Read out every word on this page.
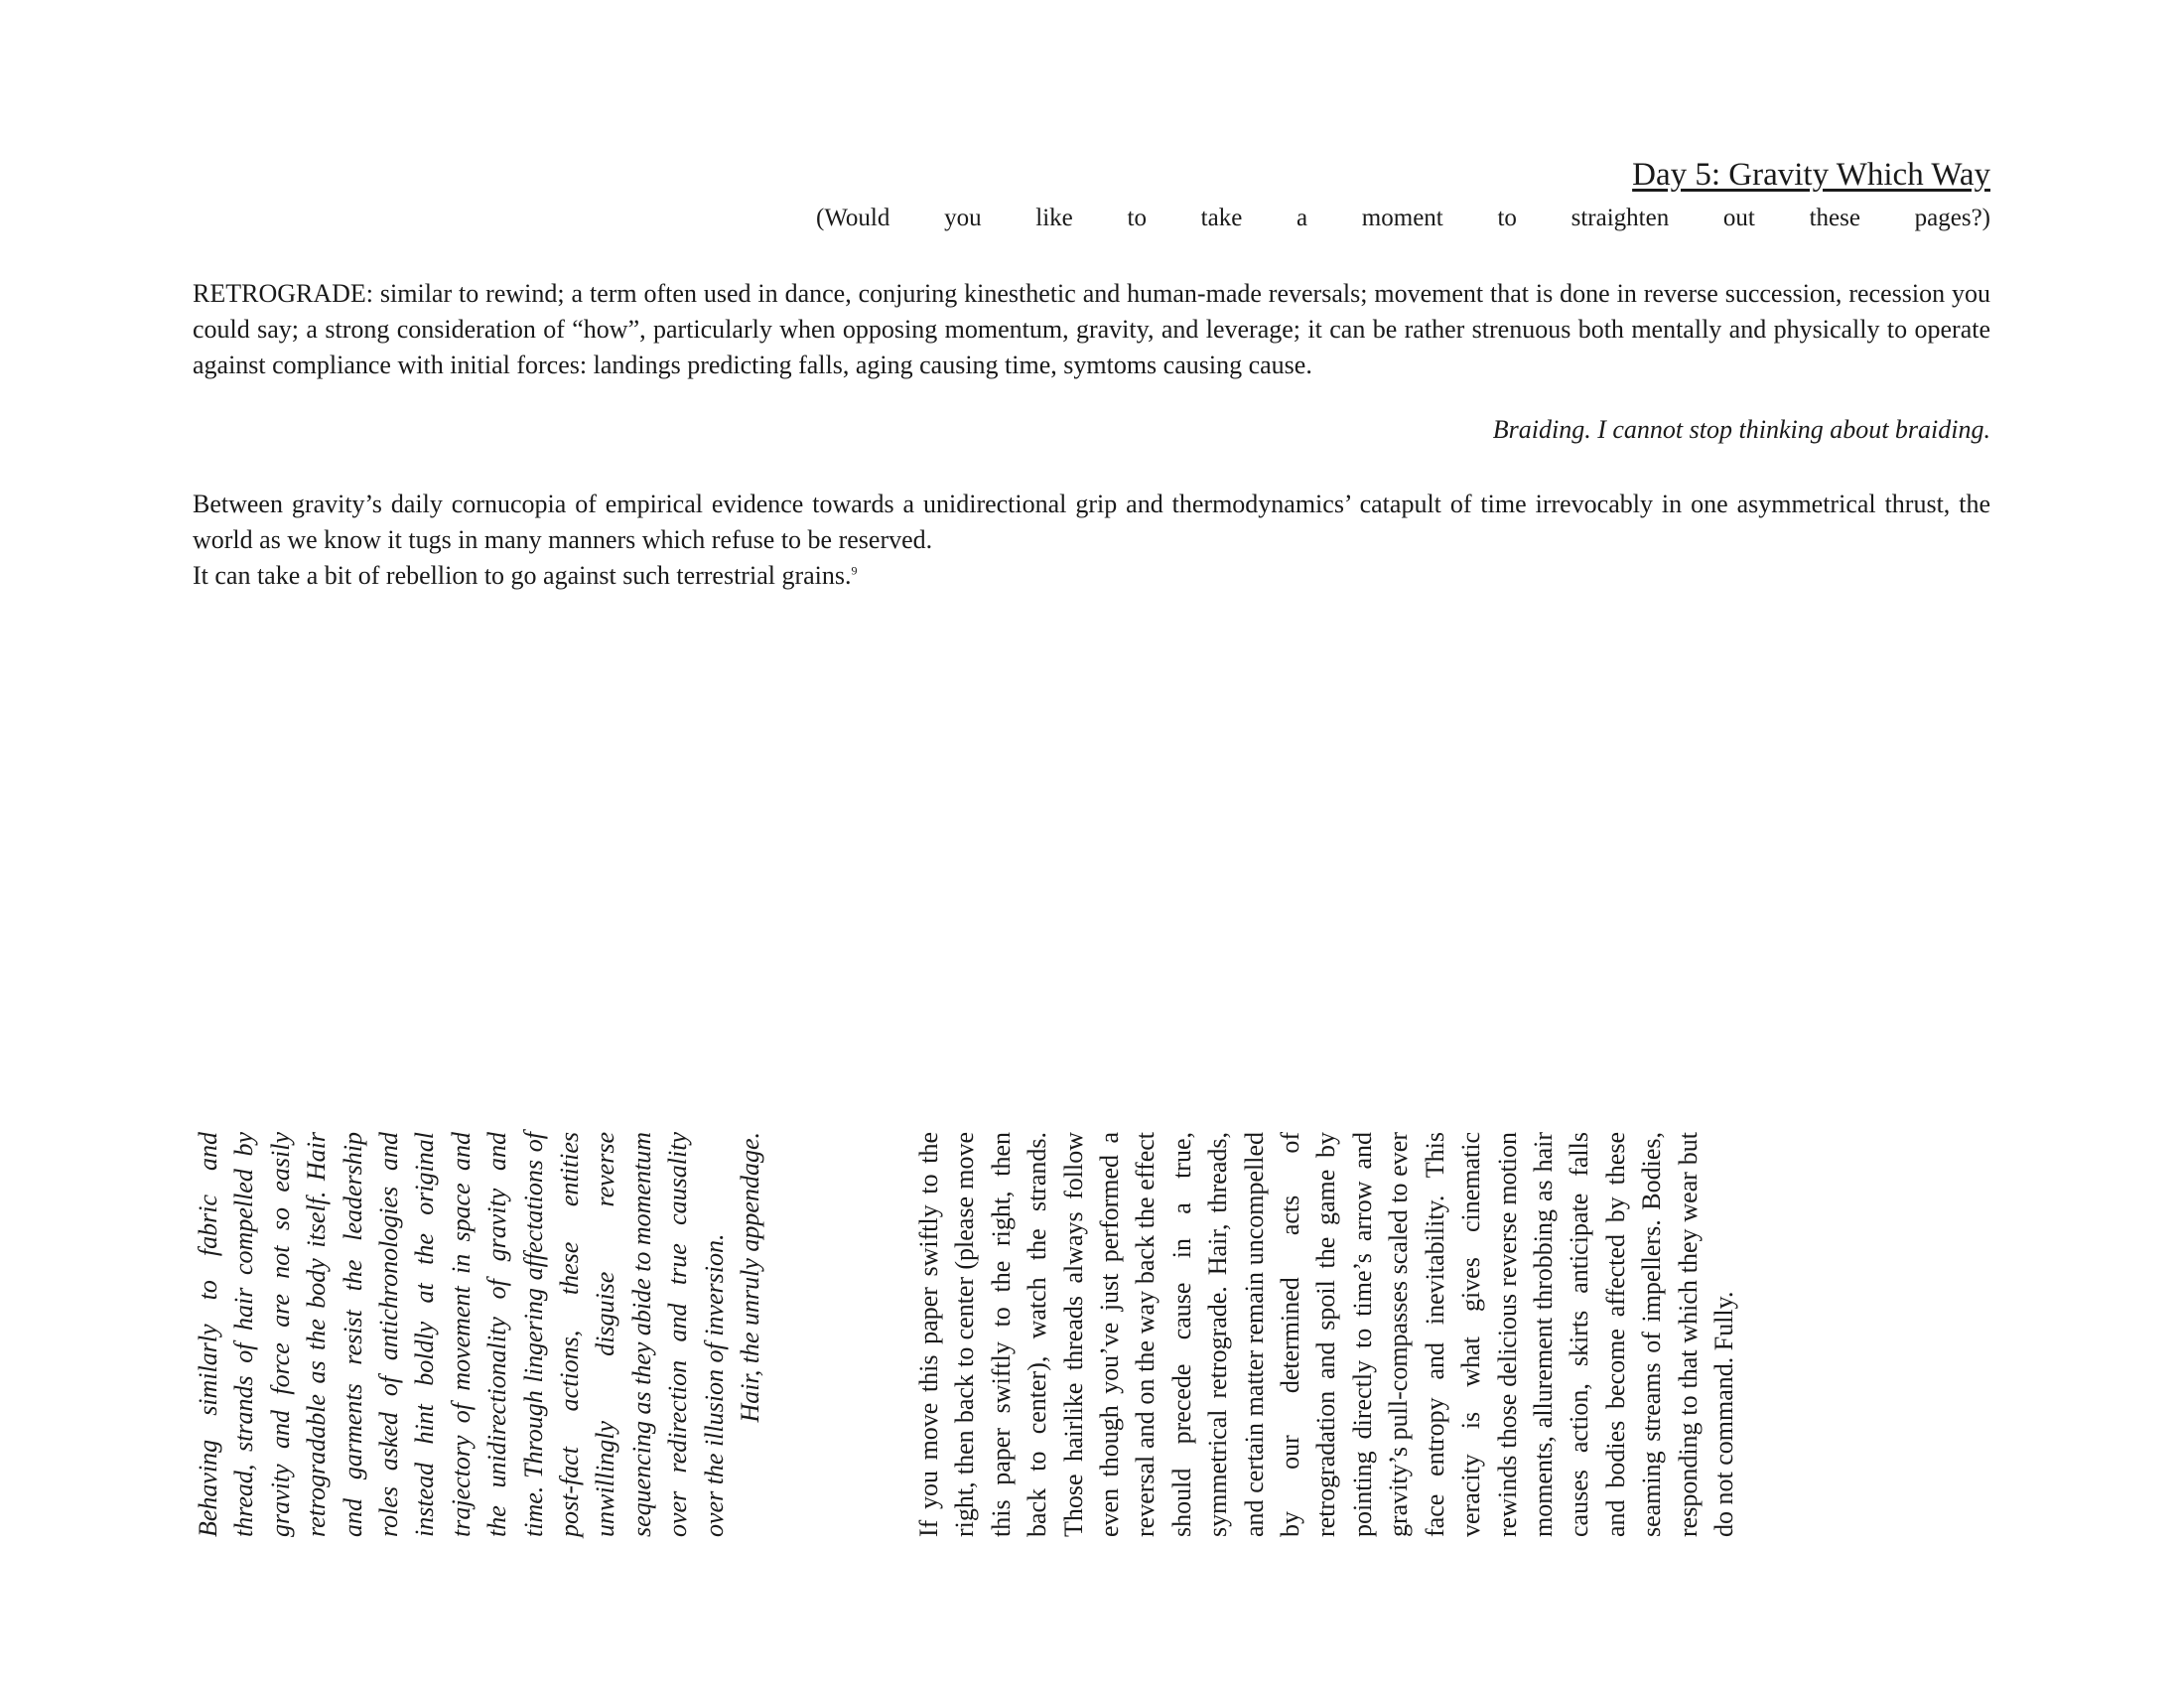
Day 5: Gravity Which Way
(Would you like to take a moment to straighten out these pages?)
RETROGRADE: similar to rewind; a term often used in dance, conjuring kinesthetic and human-made reversals; movement that is done in reverse succession, recession you could say; a strong consideration of “how”, particularly when opposing momentum, gravity, and leverage; it can be rather strenuous both mentally and physically to operate against compliance with initial forces: landings predicting falls, aging causing time, symtoms causing cause.
Braiding. I cannot stop thinking about braiding.
Between gravity’s daily cornucopia of empirical evidence towards a unidirectional grip and thermodynamics’ catapult of time irrevocably in one asymmetrical thrust, the world as we know it tugs in many manners which refuse to be reserved.
It can take a bit of rebellion to go against such terrestrial grains.$^9$

Behaving similarly to fabric and thread, strands of hair compelled by gravity and force are not so easily retrogradable as the body itself. Hair and garments resist the leadership roles asked of antichronologies and instead hint boldly at the original trajectory of movement in space and the unidirectionality of gravity and time. Through lingering affectations of post-fact actions, these entities unwillingly disguise reverse sequencing as they abide to momentum over redirection and true causality over the illusion of inversion. Hair, the unruly appendage.	If you move this paper swiftly to the right, then back to center (please move this paper swiftly to the right, then back to center), watch the strands. Those hairlike threads always follow even though you’ve just performed a reversal and on the way back the effect should precede cause in a true, symmetrical retrograde. Hair, threads, and certain matter remain uncompelled by our determined acts of retrogradation and spoil the game by pointing directly to time’s arrow and gravity’s pull-compasses scaled to ever face entropy and inevitability. This veracity is what gives cinematic rewinds those delicious reverse motion moments, allurement throbbing as hair causes action, skirts anticipate falls and bodies become affected by these seaming streams of impellers. Bodies, responding to that which they wear but do not command. Fully.
